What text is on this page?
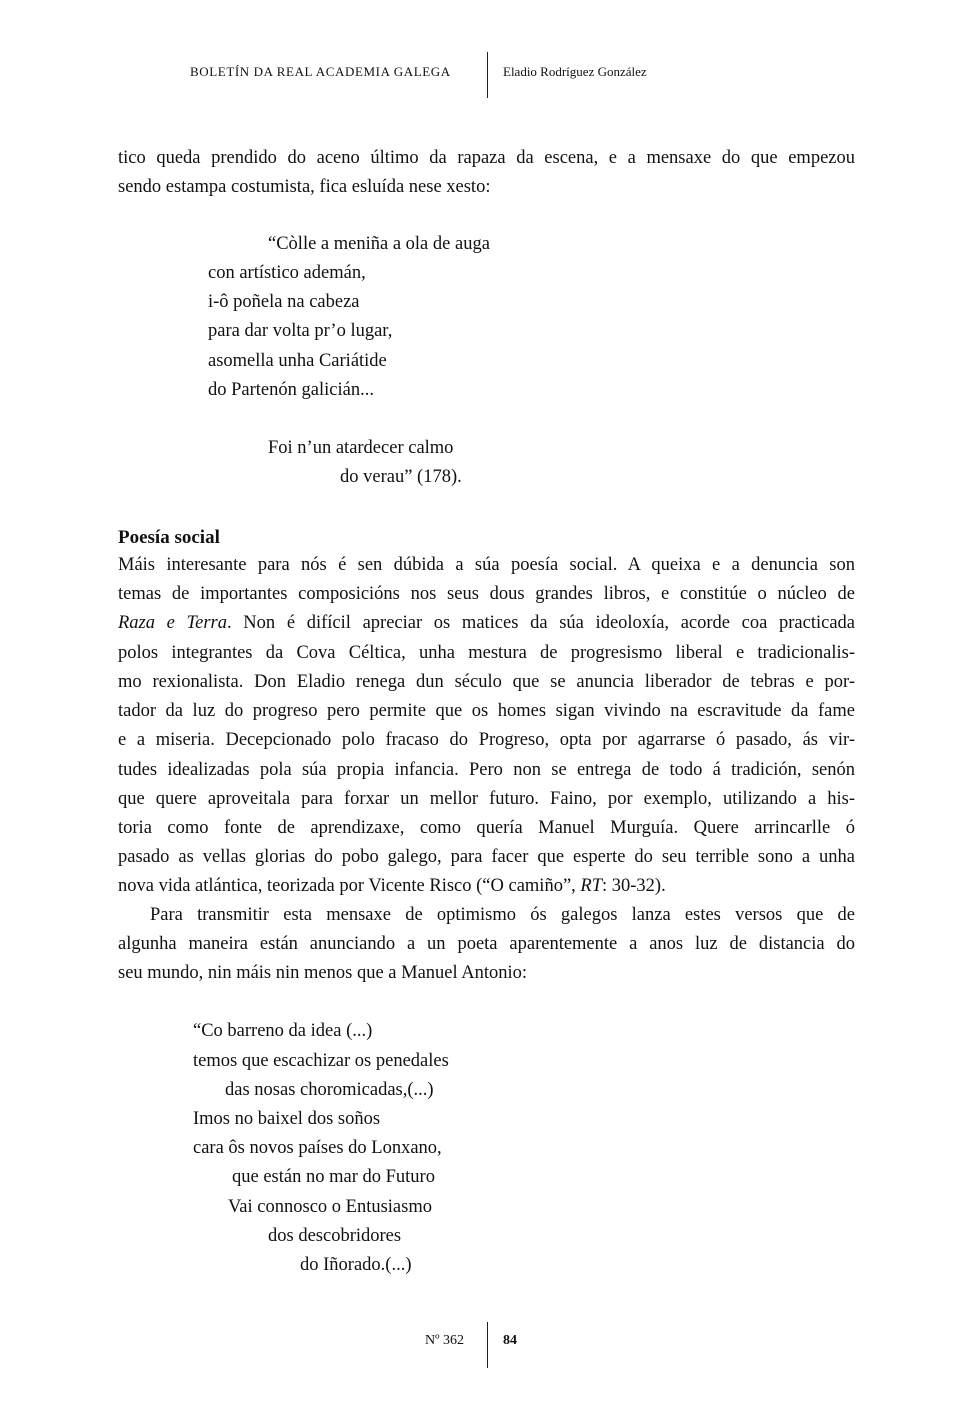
BOLETÍN DA REAL ACADEMIA GALEGA	Eladio Rodríguez González
tico queda prendido do aceno último da rapaza da escena, e a mensaxe do que empezou
sendo estampa costumista, fica esluída nese xesto:
“Còlle a meniña a ola de auga
con artístico ademán,
i-ô poñela na cabeza
para dar volta pr’o lugar,
asomella unha Cariátide
do Partenón galicián...
Foi n’un atardecer calmo
do verau” (178).
Poesía social
Máis interesante para nós é sen dúbida a súa poesía social. A queixa e a denuncia son
temas de importantes composicións nos seus dous grandes libros, e constitúe o núcleo de
Raza e Terra. Non é difícil apreciar os matices da súa ideoloxía, acorde coa practicada
polos integrantes da Cova Céltica, unha mestura de progresismo liberal e tradicionalis-
mo rexionalista. Don Eladio renega dun século que se anuncia liberador de tebras e por-
tador da luz do progreso pero permite que os homes sigan vivindo na escravitude da fame
e a miseria. Decepcionado polo fracaso do Progreso, opta por agarrarse ó pasado, ás vir-
tudes idealizadas pola súa propia infancia. Pero non se entrega de todo á tradición, senón
que quere aproveitala para forxar un mellor futuro. Faino, por exemplo, utilizando a his-
toria como fonte de aprendizaxe, como quería Manuel Murguía. Quere arrincarlle ó
pasado as vellas glorias do pobo galego, para facer que esperte do seu terrible sono a unha
nova vida atlántica, teorizada por Vicente Risco (“O camiño”, RT: 30-32).
Para transmitir esta mensaxe de optimismo ós galegos lanza estes versos que de
algunha maneira están anunciando a un poeta aparentemente a anos luz de distancia do
seu mundo, nin máis nin menos que a Manuel Antonio:
“Co barreno da idea (...)
temos que escachizar os penedales
das nosas choromicadas,(...)
Imos no baixel dos soños
cara ôs novos países do Lonxano,
que están no mar do Futuro
Vai connosco o Entusiasmo
dos descobridores
do Iñorado.(...)
Nº 362	84
